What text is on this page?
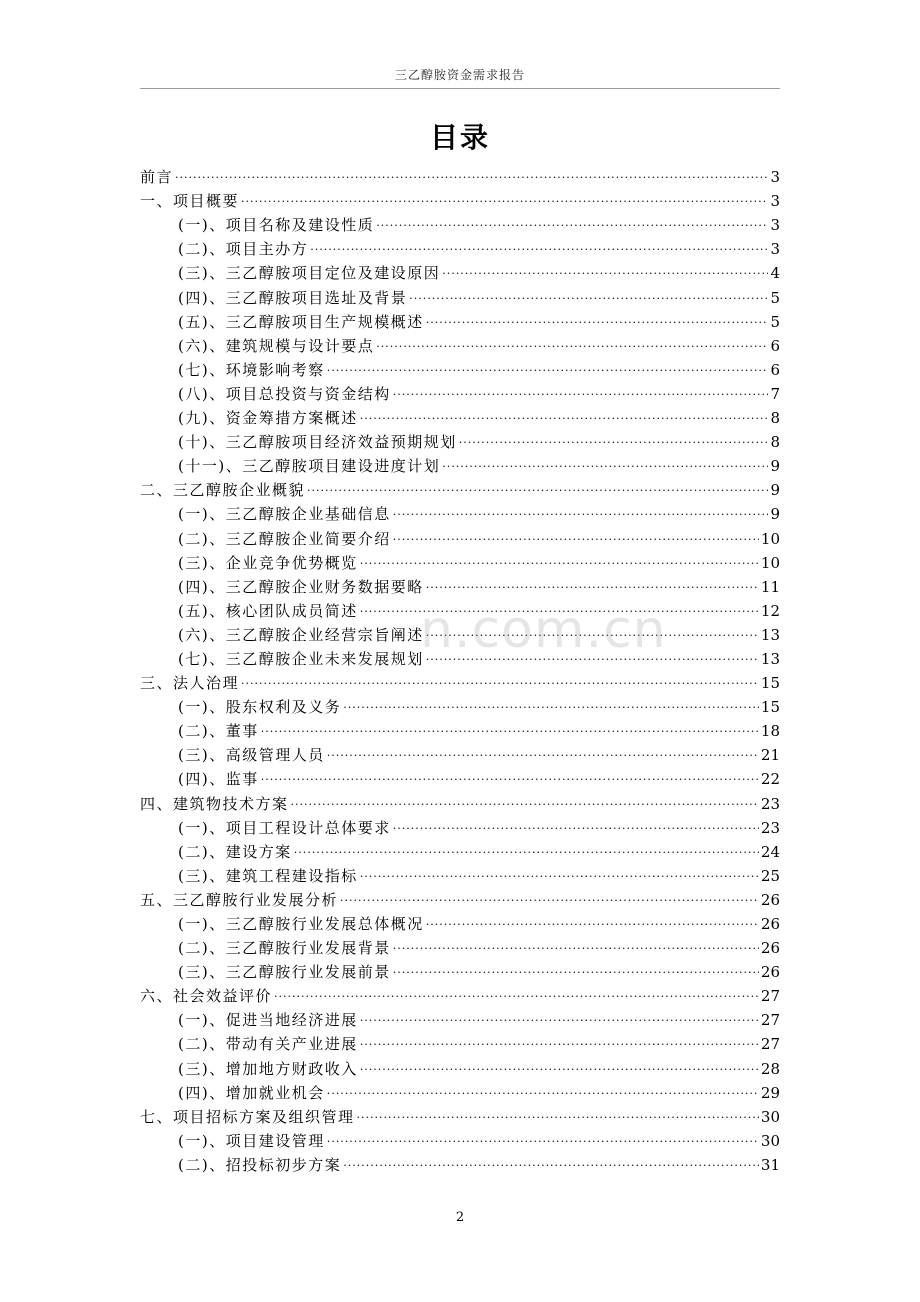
三乙醇胺资金需求报告
目录
前言 .....	3
一、项目概要 .....	3
(一)、项目名称及建设性质 .....	3
(二)、项目主办方 .....	3
(三)、三乙醇胺项目定位及建设原因 .....	4
(四)、三乙醇胺项目选址及背景 .....	5
(五)、三乙醇胺项目生产规模概述 .....	5
(六)、建筑规模与设计要点 .....	6
(七)、环境影响考察 .....	6
(八)、项目总投资与资金结构 .....	7
(九)、资金筹措方案概述 .....	8
(十)、三乙醇胺项目经济效益预期规划 .....	8
(十一)、三乙醇胺项目建设进度计划 .....	9
二、三乙醇胺企业概貌 .....	9
(一)、三乙醇胺企业基础信息 .....	9
(二)、三乙醇胺企业简要介绍 .....	10
(三)、企业竞争优势概览 .....	10
(四)、三乙醇胺企业财务数据要略 .....	11
(五)、核心团队成员简述 .....	12
(六)、三乙醇胺企业经营宗旨阐述 .....	13
(七)、三乙醇胺企业未来发展规划 .....	13
三、法人治理 .....	15
(一)、股东权利及义务 .....	15
(二)、董事 .....	18
(三)、高级管理人员 .....	21
(四)、监事 .....	22
四、建筑物技术方案 .....	23
(一)、项目工程设计总体要求 .....	23
(二)、建设方案 .....	24
(三)、建筑工程建设指标 .....	25
五、三乙醇胺行业发展分析 .....	26
(一)、三乙醇胺行业发展总体概况 .....	26
(二)、三乙醇胺行业发展背景 .....	26
(三)、三乙醇胺行业发展前景 .....	26
六、社会效益评价 .....	27
(一)、促进当地经济进展 .....	27
(二)、带动有关产业进展 .....	27
(三)、增加地方财政收入 .....	28
(四)、增加就业机会 .....	29
七、项目招标方案及组织管理 .....	30
(一)、项目建设管理 .....	30
(二)、招投标初步方案 .....	31
n.com.cn
2
